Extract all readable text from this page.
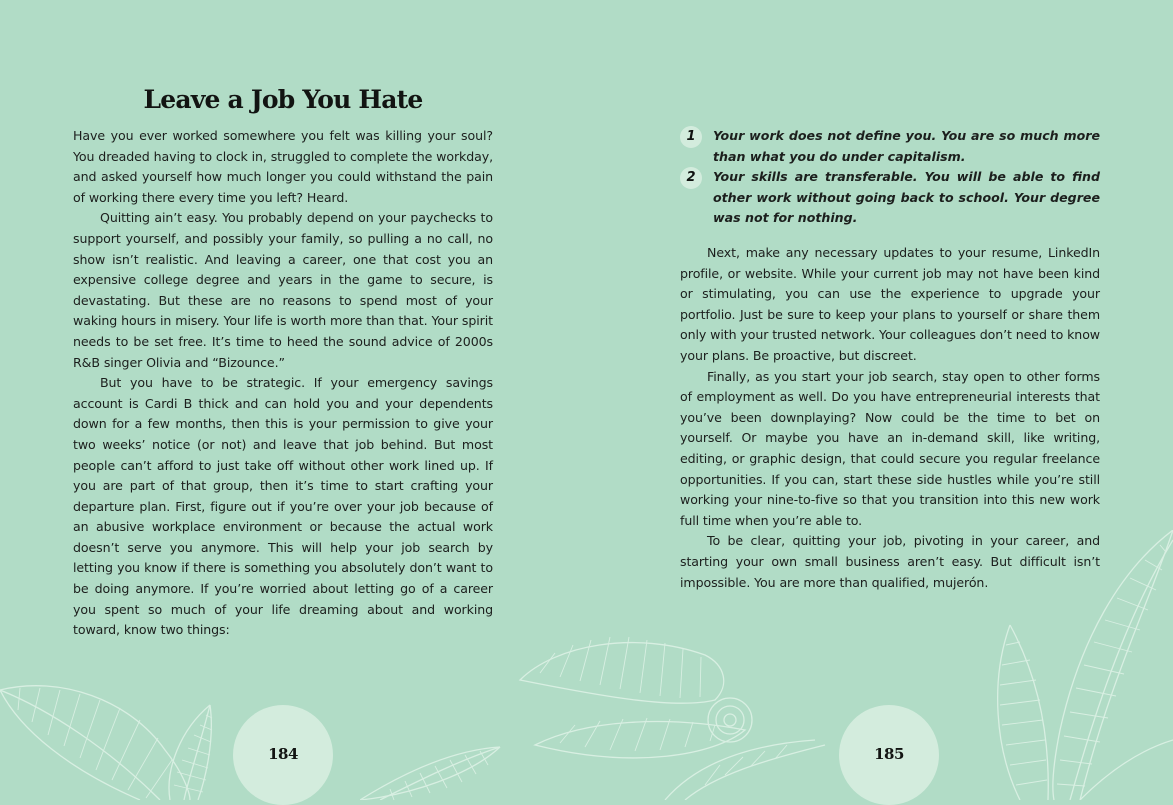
Leave a Job You Hate

Have you ever worked somewhere you felt was killing your soul? You dreaded having to clock in, struggled to complete the workday, and asked yourself how much longer you could withstand the pain of working there every time you left? Heard.

Quitting ain’t easy. You probably depend on your paychecks to support yourself, and possibly your family, so pulling a no call, no show isn’t realistic. And leaving a career, one that cost you an expensive college degree and years in the game to secure, is devastating. But these are no reasons to spend most of your waking hours in misery. Your life is worth more than that. Your spirit needs to be set free. It’s time to heed the sound advice of 2000s R&B singer Olivia and “Bizounce.”

But you have to be strategic. If your emergency savings account is Cardi B thick and can hold you and your dependents down for a few months, then this is your permission to give your two weeks’ notice (or not) and leave that job behind. But most people can’t afford to just take off without other work lined up. If you are part of that group, then it’s time to start crafting your departure plan. First, figure out if you’re over your job because of an abusive workplace environment or because the actual work doesn’t serve you anymore. This will help your job search by letting you know if there is something you absolutely don’t want to be doing anymore. If you’re worried about letting go of a career you spent so much of your life dreaming about and working toward, know two things:

184
1	Your work does not define you. You are so much more than what you do under capitalism.
2	Your skills are transferable. You will be able to find other work without going back to school. Your degree was not for nothing.

Next, make any necessary updates to your resume, LinkedIn profile, or website. While your current job may not have been kind or stimulating, you can use the experience to upgrade your portfolio. Just be sure to keep your plans to yourself or share them only with your trusted network. Your colleagues don’t need to know your plans. Be proactive, but discreet.

Finally, as you start your job search, stay open to other forms of employment as well. Do you have entrepreneurial interests that you’ve been downplaying? Now could be the time to bet on yourself. Or maybe you have an in-demand skill, like writing, editing, or graphic design, that could secure you regular freelance opportunities. If you can, start these side hustles while you’re still working your nine-to-five so that you transition into this new work full time when you’re able to.

To be clear, quitting your job, pivoting in your career, and starting your own small business aren’t easy. But difficult isn’t impossible. You are more than qualified, mujerón.

185
